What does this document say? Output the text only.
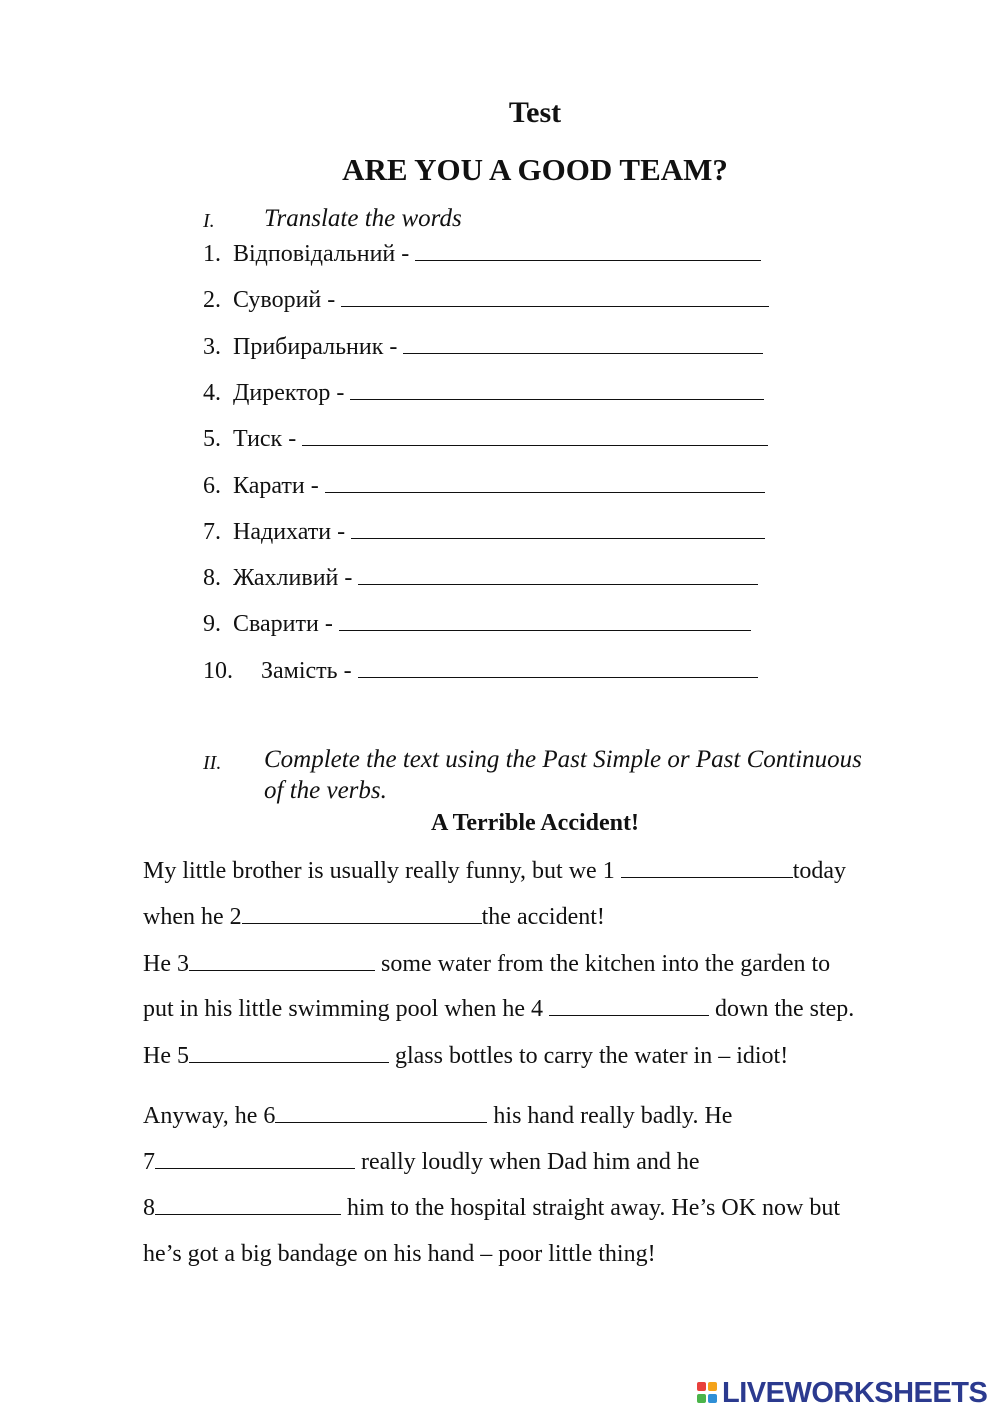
Test
ARE YOU A GOOD TEAM?
I. Translate the words
1. Відповідальний -
2. Суворий -
3. Прибиральник -
4. Директор -
5. Тиск -
6. Карати -
7. Надихати -
8. Жахливий -
9. Сварити -
10. Замість -
II. Complete the text using the Past Simple or Past Continuous
of the verbs.
A Terrible Accident!
My little brother is usually really funny, but we 1	today
when he 2	the accident!
He 3	some water from the kitchen into the garden to
put in his little swimming pool when he 4	down the step.
He 5	glass bottles to carry the water in – idiot!
Anyway, he 6	his hand really badly. He
7	really loudly when Dad him and he
8	him to the hospital straight away. He’s OK now but
he’s got a big bandage on his hand – poor little thing!
LIVEWORKSHEETS
